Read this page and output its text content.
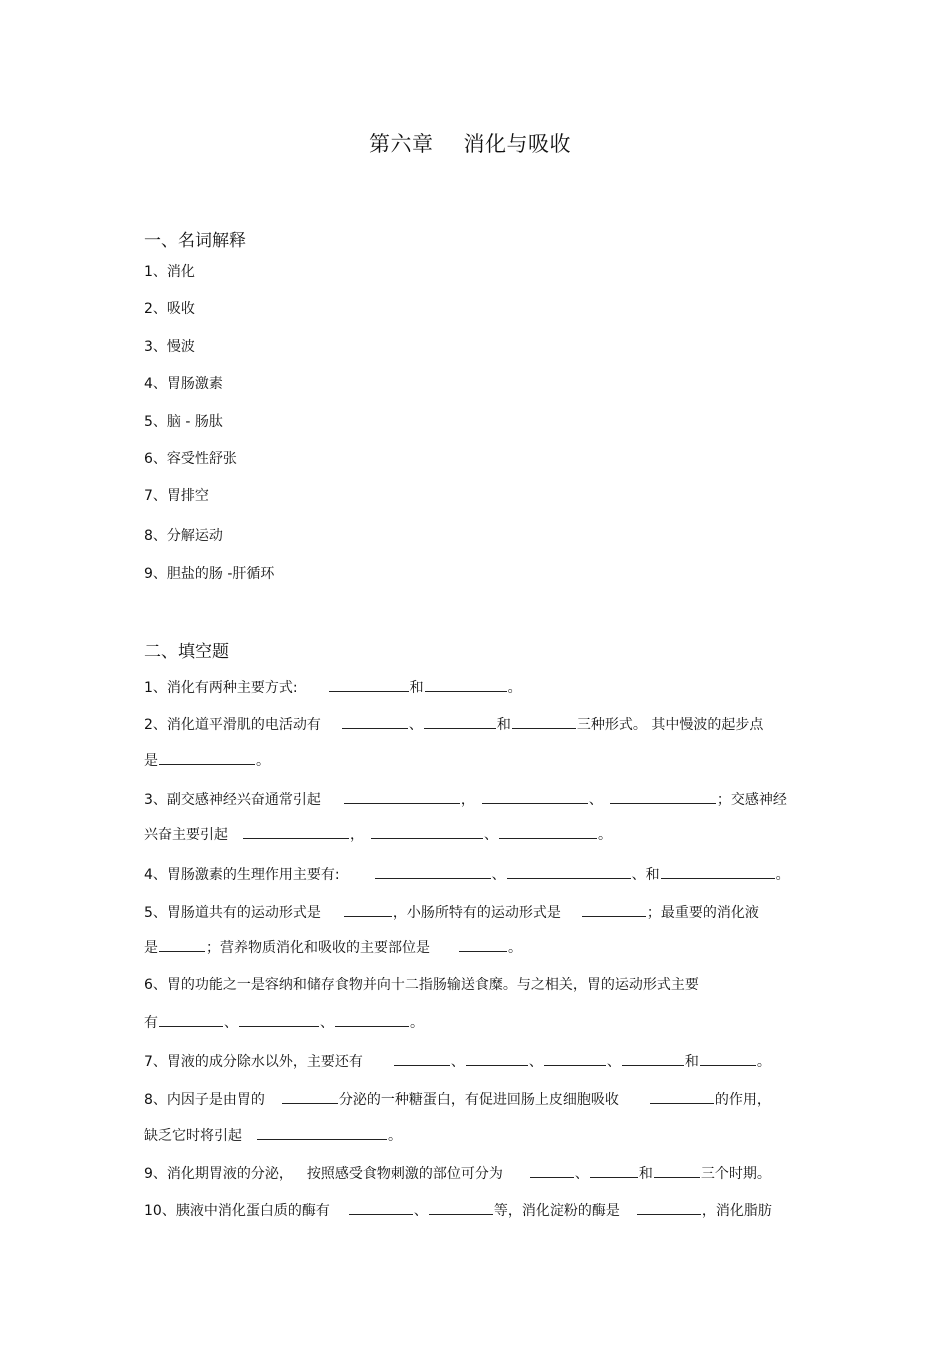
第六章 消化与吸收
一、名词解释
1、消化
2、吸收
3、慢波
4、胃肠激素
5、脑 - 肠肽
6、容受性舒张
7、胃排空
8、分解运动
9、胆盐的肠 -肝循环
二、填空题
1、消化有两种主要方式:	和	。
2、消化道平滑肌的电活动有	、	和	三种形式。 其中慢波的起步点
是	。
3、副交感神经兴奋通常引起	，	、	；交感神经
兴奋主要引起	，	、	。
4、胃肠激素的生理作用主要有:	、	、和	。
5、胃肠道共有的运动形式是	，小肠所特有的运动形式是	；最重要的消化液
是	；营养物质消化和吸收的主要部位是	。
6、胃的功能之一是容纳和储存食物并向十二指肠输送食糜。与之相关，胃的运动形式主要
有	、	、	。
7、胃液的成分除水以外，主要还有	、	、	、	和	。
8、内因子是由胃的	分泌的一种糖蛋白，有促进回肠上皮细胞吸收	的作用，
缺乏它时将引起	。
9、消化期胃液的分泌， 按照感受食物刺激的部位可分为	、	和	三个时期。
10、胰液中消化蛋白质的酶有	、	等，消化淀粉的酶是	，消化脂肪
